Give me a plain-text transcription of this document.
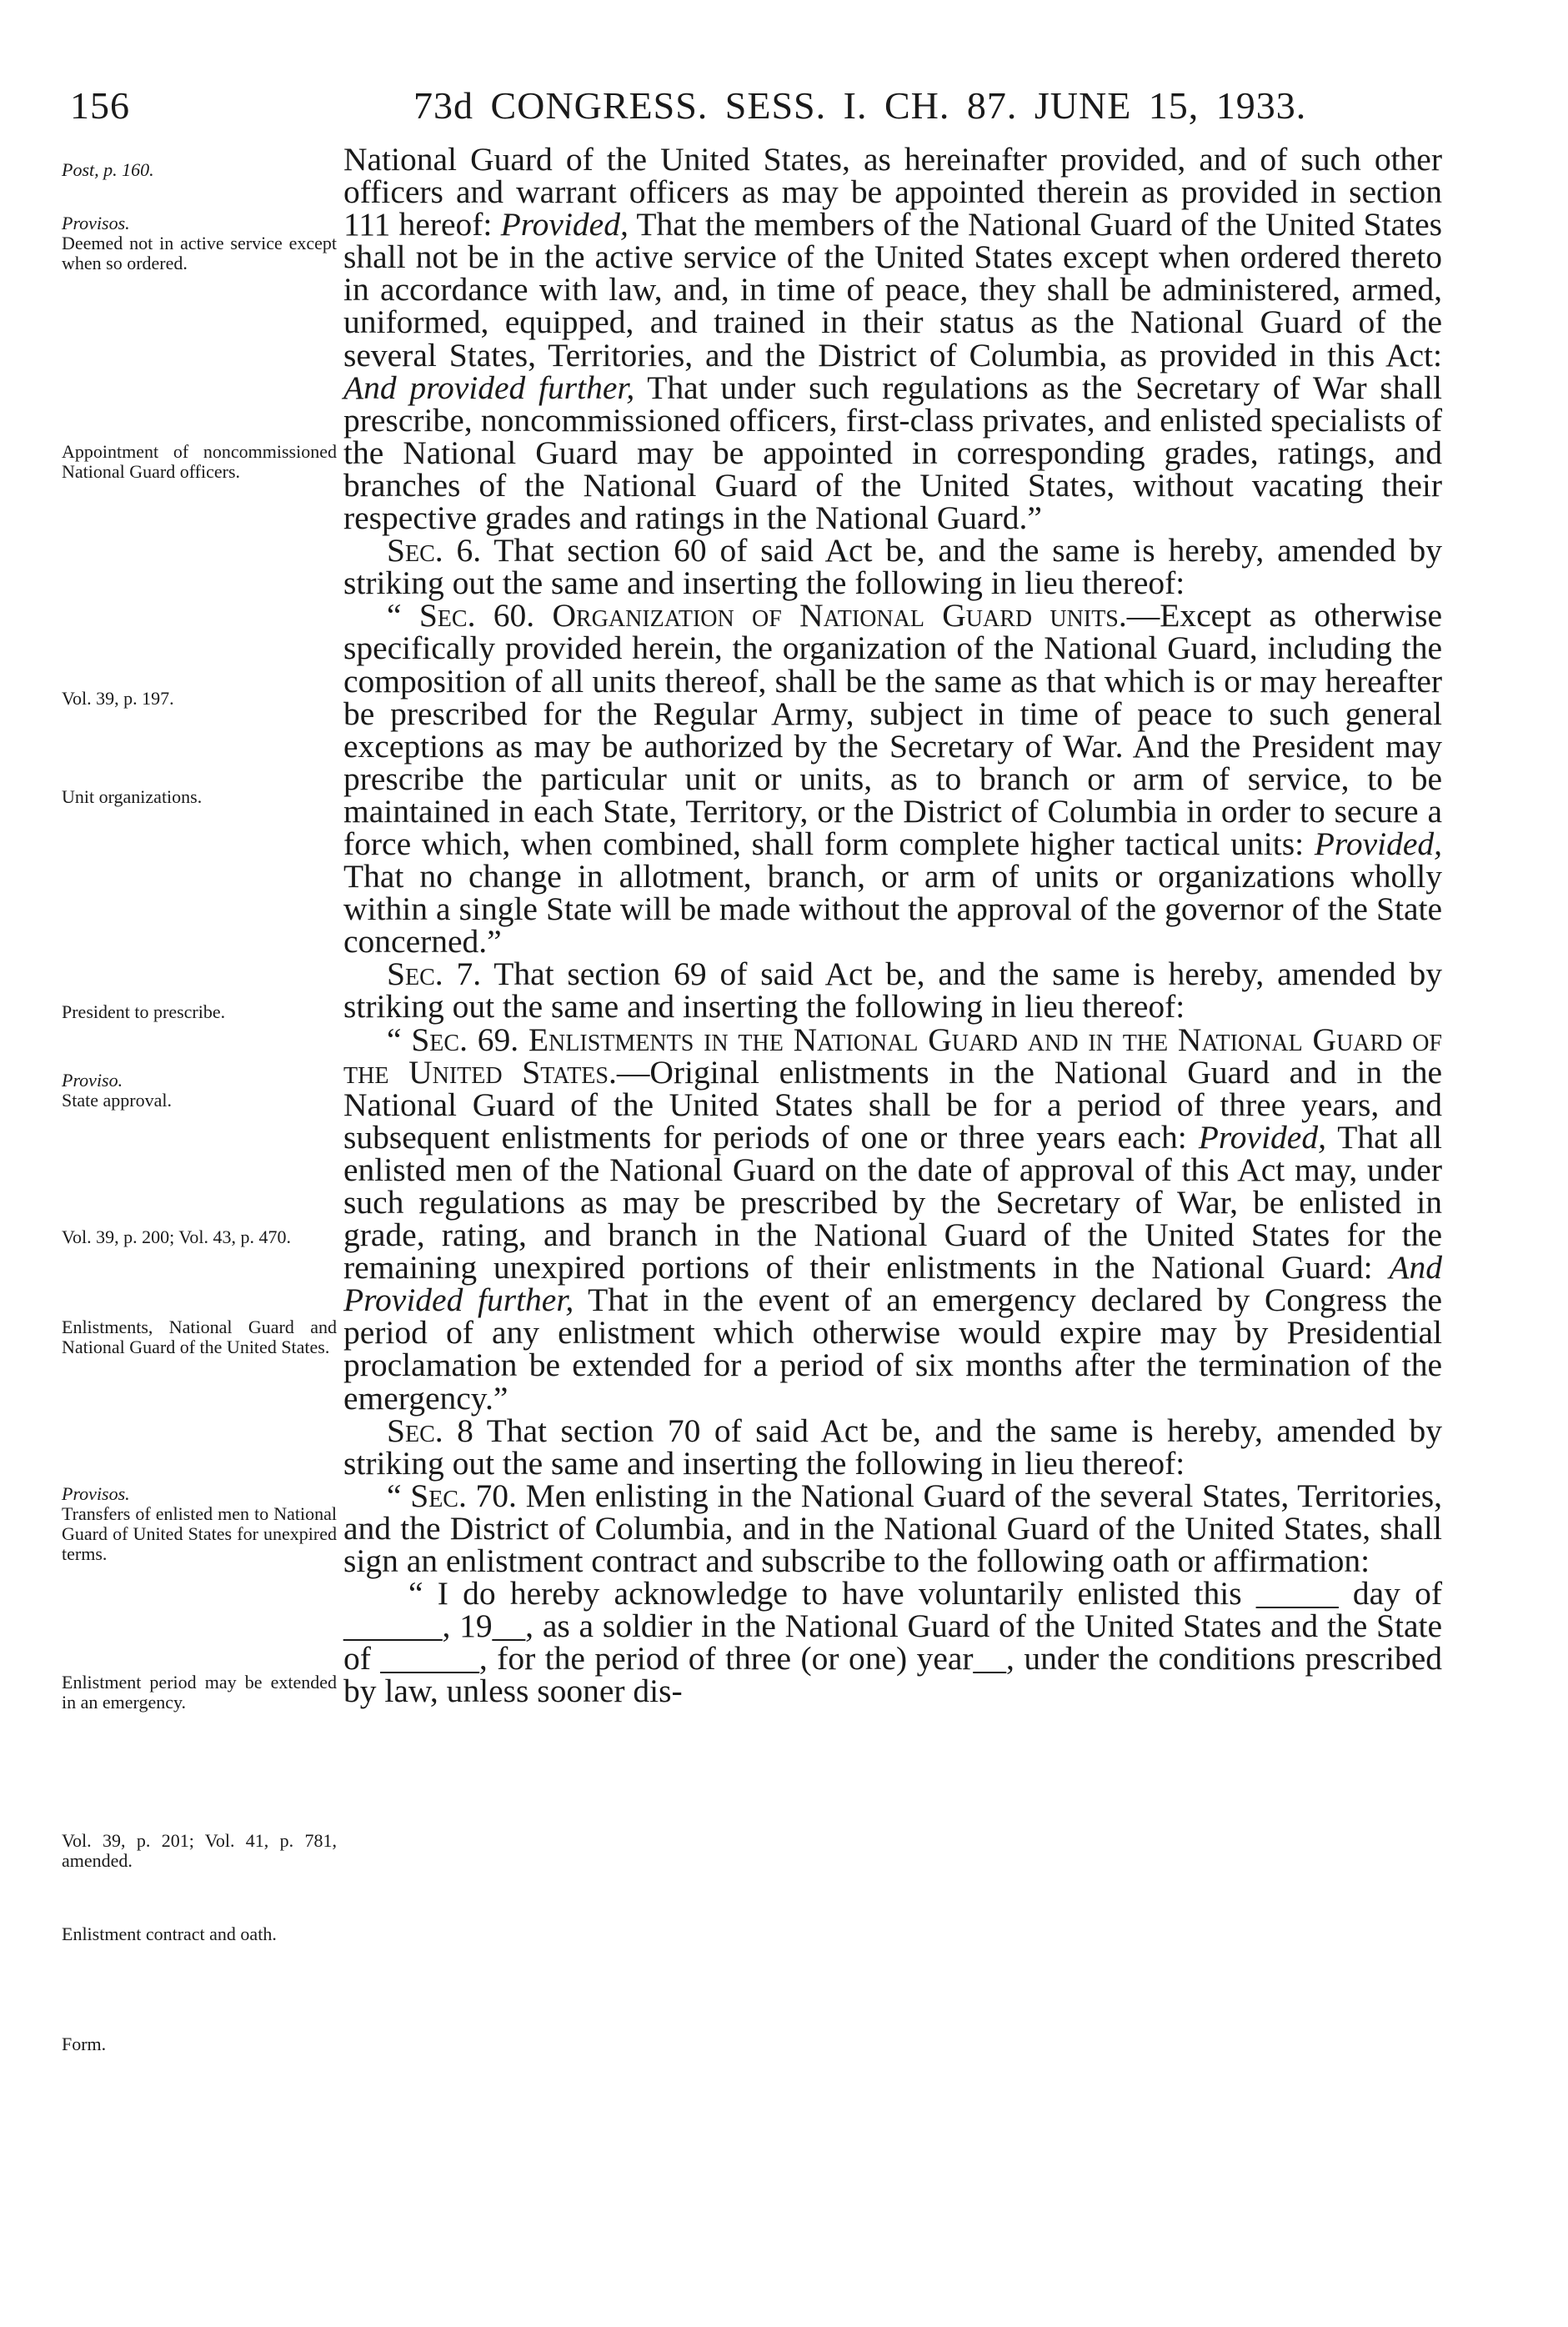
156	73d CONGRESS. SESS. I. CH. 87. JUNE 15, 1933.
Post, p. 160.
Provisos.
Deemed not in active service except when so ordered.
Appointment of noncommissioned National Guard officers.
Vol. 39, p. 197.
Unit organizations.
President to prescribe.
Proviso.
State approval.
Vol. 39, p. 200; Vol. 43, p. 470.
Enlistments, National Guard and National Guard of the United States.
Provisos.
Transfers of enlisted men to National Guard of United States for unexpired terms.
Enlistment period may be extended in an emergency.
Vol. 39, p. 201; Vol. 41, p. 781, amended.
Enlistment contract and oath.
Form.

National Guard of the United States, as hereinafter provided, and of such other officers and warrant officers as may be appointed therein as provided in section 111 hereof: Provided, That the members of the National Guard of the United States shall not be in the active service of the United States except when ordered thereto in accordance with law, and, in time of peace, they shall be administered, armed, uniformed, equipped, and trained in their status as the National Guard of the several States, Territories, and the District of Columbia, as provided in this Act: And provided further, That under such regulations as the Secretary of War shall prescribe, noncommissioned officers, first-class privates, and enlisted specialists of the National Guard may be appointed in corresponding grades, ratings, and branches of the National Guard of the United States, without vacating their respective grades and ratings in the National Guard.”

Sec. 6. That section 60 of said Act be, and the same is hereby, amended by striking out the same and inserting the following in lieu thereof:

“ Sec. 60. Organization of National Guard units.—Except as otherwise specifically provided herein, the organization of the National Guard, including the composition of all units thereof, shall be the same as that which is or may hereafter be prescribed for the Regular Army, subject in time of peace to such general exceptions as may be authorized by the Secretary of War. And the President may prescribe the particular unit or units, as to branch or arm of service, to be maintained in each State, Territory, or the District of Columbia in order to secure a force which, when combined, shall form complete higher tactical units: Provided, That no change in allotment, branch, or arm of units or organizations wholly within a single State will be made without the approval of the governor of the State concerned.”

Sec. 7. That section 69 of said Act be, and the same is hereby, amended by striking out the same and inserting the following in lieu thereof:

“ Sec. 69. Enlistments in the National Guard and in the National Guard of the United States.—Original enlistments in the National Guard and in the National Guard of the United States shall be for a period of three years, and subsequent enlistments for periods of one or three years each: Provided, That all enlisted men of the National Guard on the date of approval of this Act may, under such regulations as may be prescribed by the Secretary of War, be enlisted in grade, rating, and branch in the National Guard of the United States for the remaining unexpired portions of their enlistments in the National Guard: And Provided further, That in the event of an emergency declared by Congress the period of any enlistment which otherwise would expire may by Presidential proclamation be extended for a period of six months after the termination of the emergency.”

Sec. 8 That section 70 of said Act be, and the same is hereby, amended by striking out the same and inserting the following in lieu thereof:

“ Sec. 70. Men enlisting in the National Guard of the several States, Territories, and the District of Columbia, and in the National Guard of the United States, shall sign an enlistment contract and subscribe to the following oath or affirmation:

“ I do hereby acknowledge to have voluntarily enlisted this _____ day of ______, 19__, as a soldier in the National Guard of the United States and the State of ______, for the period of three (or one) year__, under the conditions prescribed by law, unless sooner dis-
